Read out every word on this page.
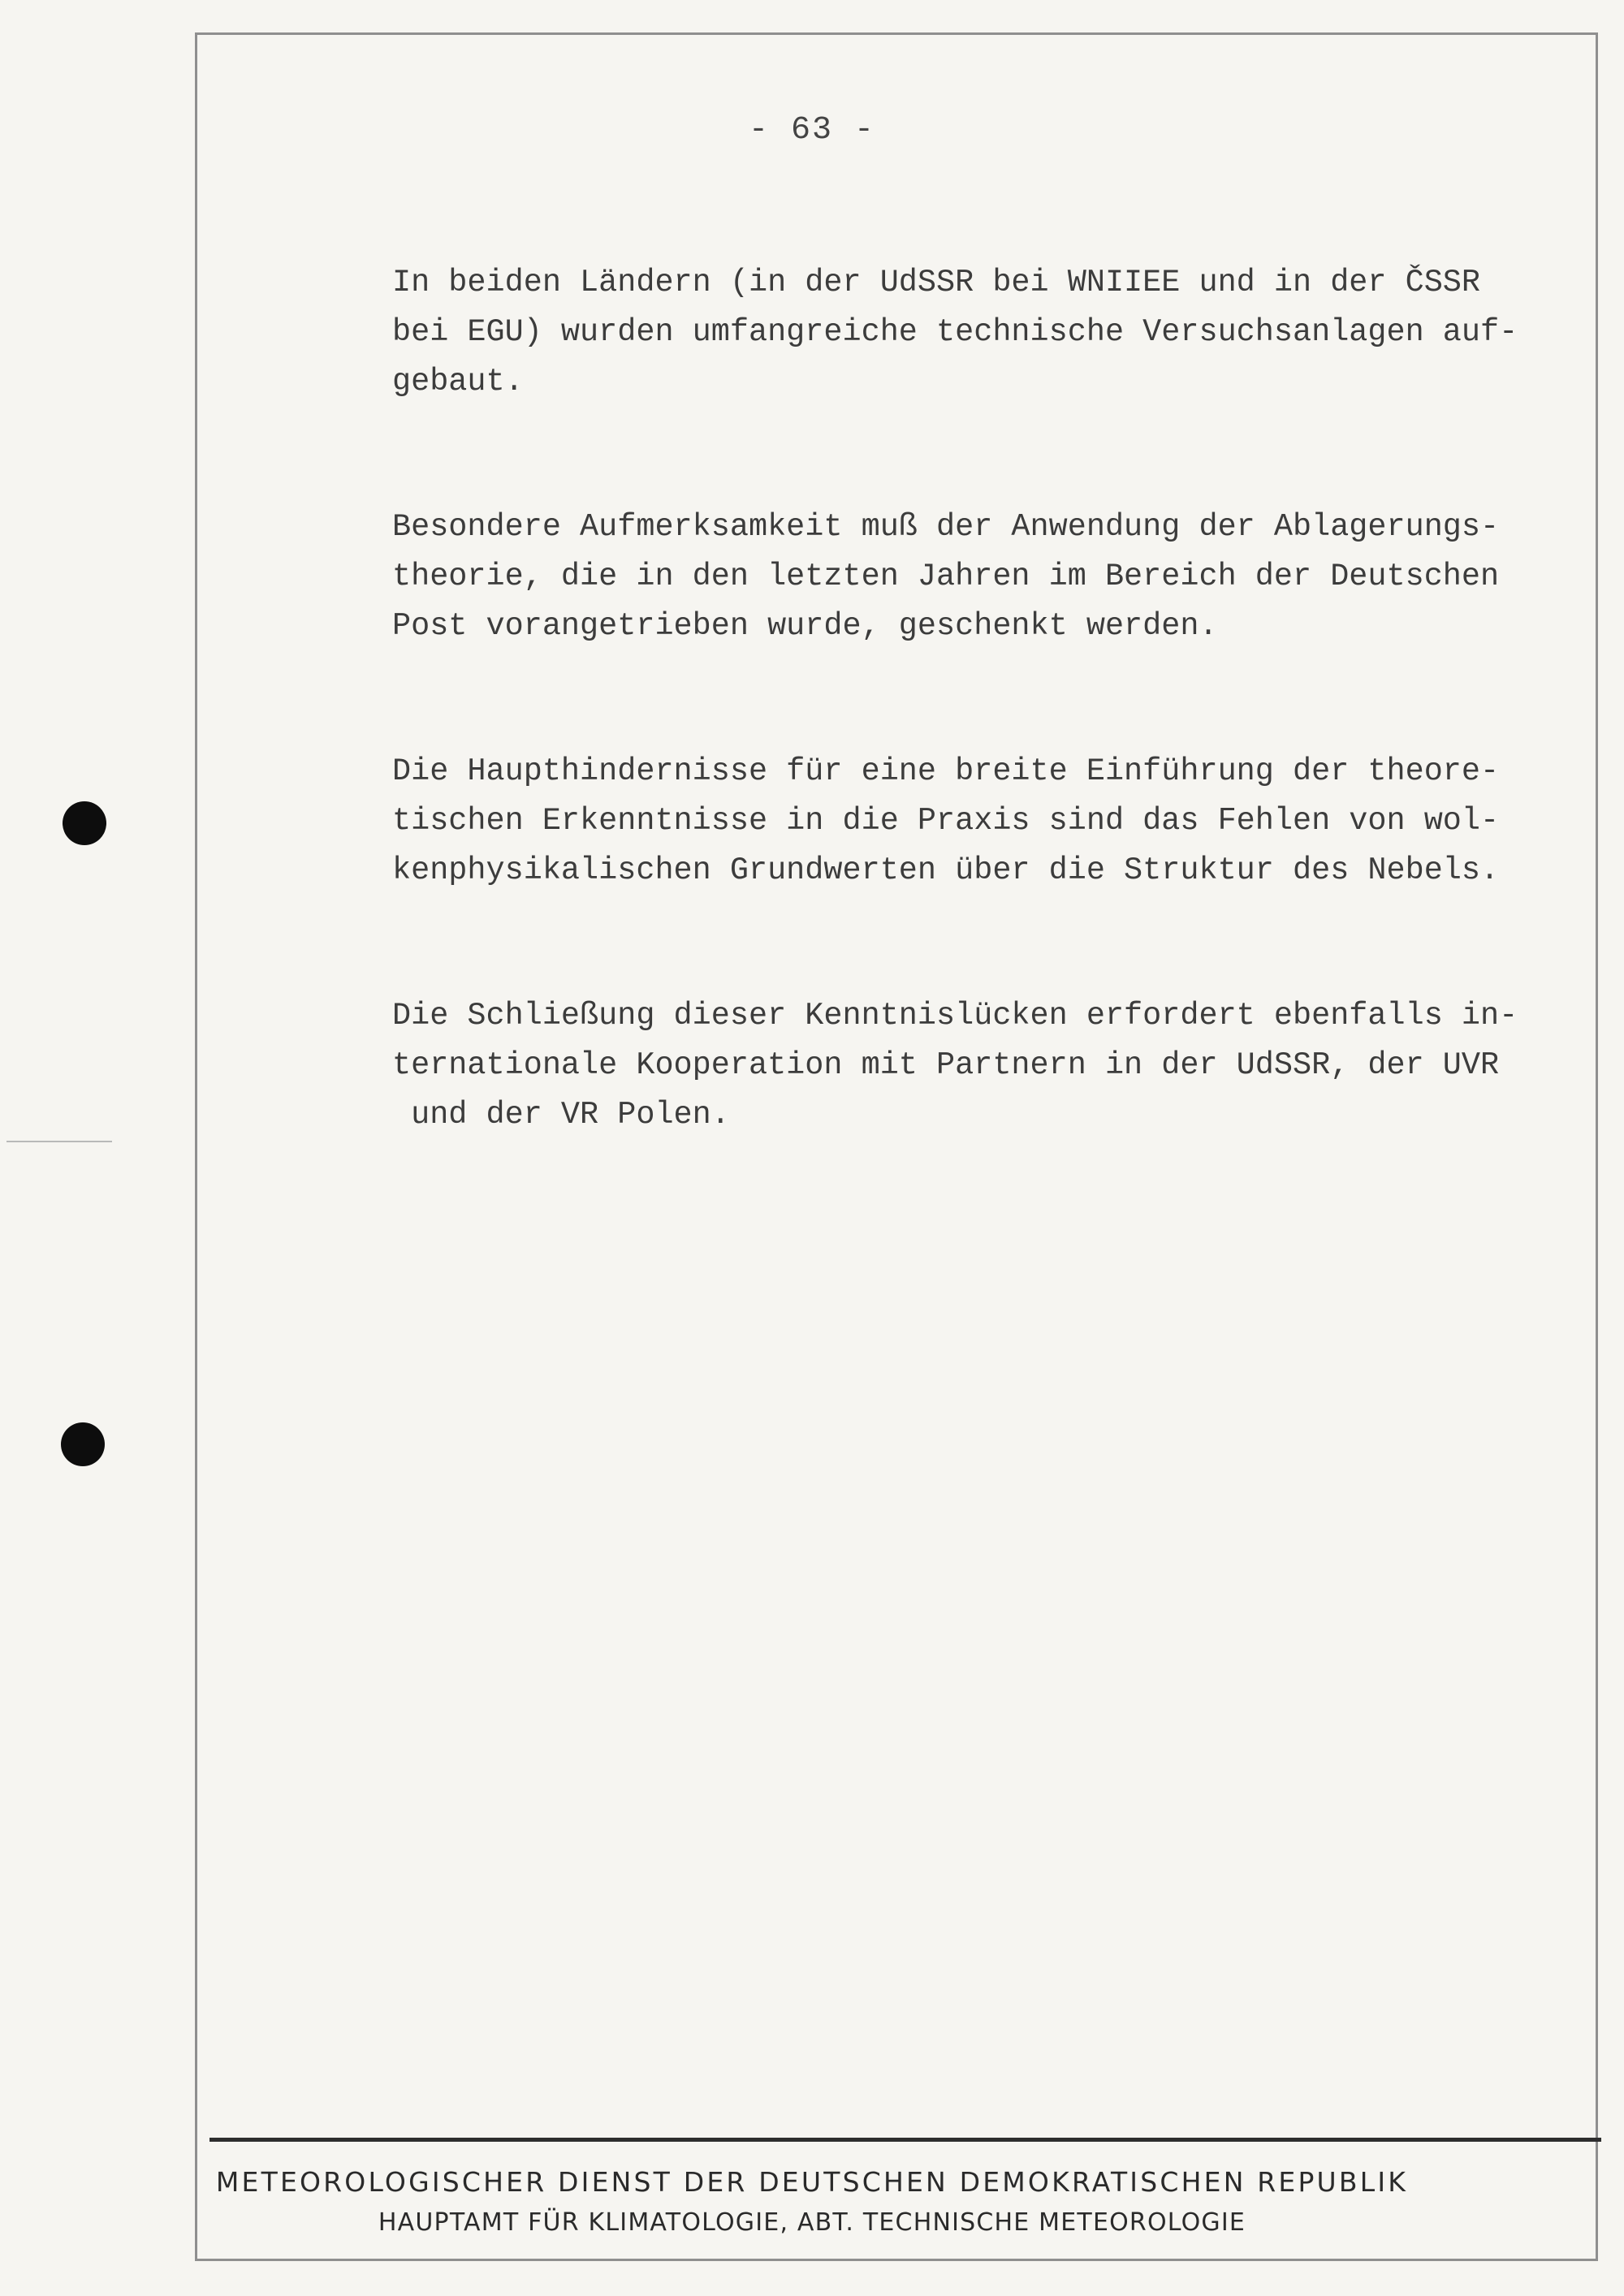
- 63 -
In beiden Ländern (in der UdSSR bei WNIIEE und in der ČSSR
bei EGU) wurden umfangreiche technische Versuchsanlagen auf-
gebaut.
Besondere Aufmerksamkeit muß der Anwendung der Ablagerungs-
theorie, die in den letzten Jahren im Bereich der Deutschen
Post vorangetrieben wurde, geschenkt werden.
Die Haupthindernisse für eine breite Einführung der theore-
tischen Erkenntnisse in die Praxis sind das Fehlen von wol-
kenphysikalischen Grundwerten über die Struktur des Nebels.
Die Schließung dieser Kenntnislücken erfordert ebenfalls in-
ternationale Kooperation mit Partnern in der UdSSR, der UVR
und der VR Polen.
METEOROLOGISCHER DIENST DER DEUTSCHEN DEMOKRATISCHEN REPUBLIK
HAUPTAMT FÜR KLIMATOLOGIE, ABT. TECHNISCHE METEOROLOGIE
